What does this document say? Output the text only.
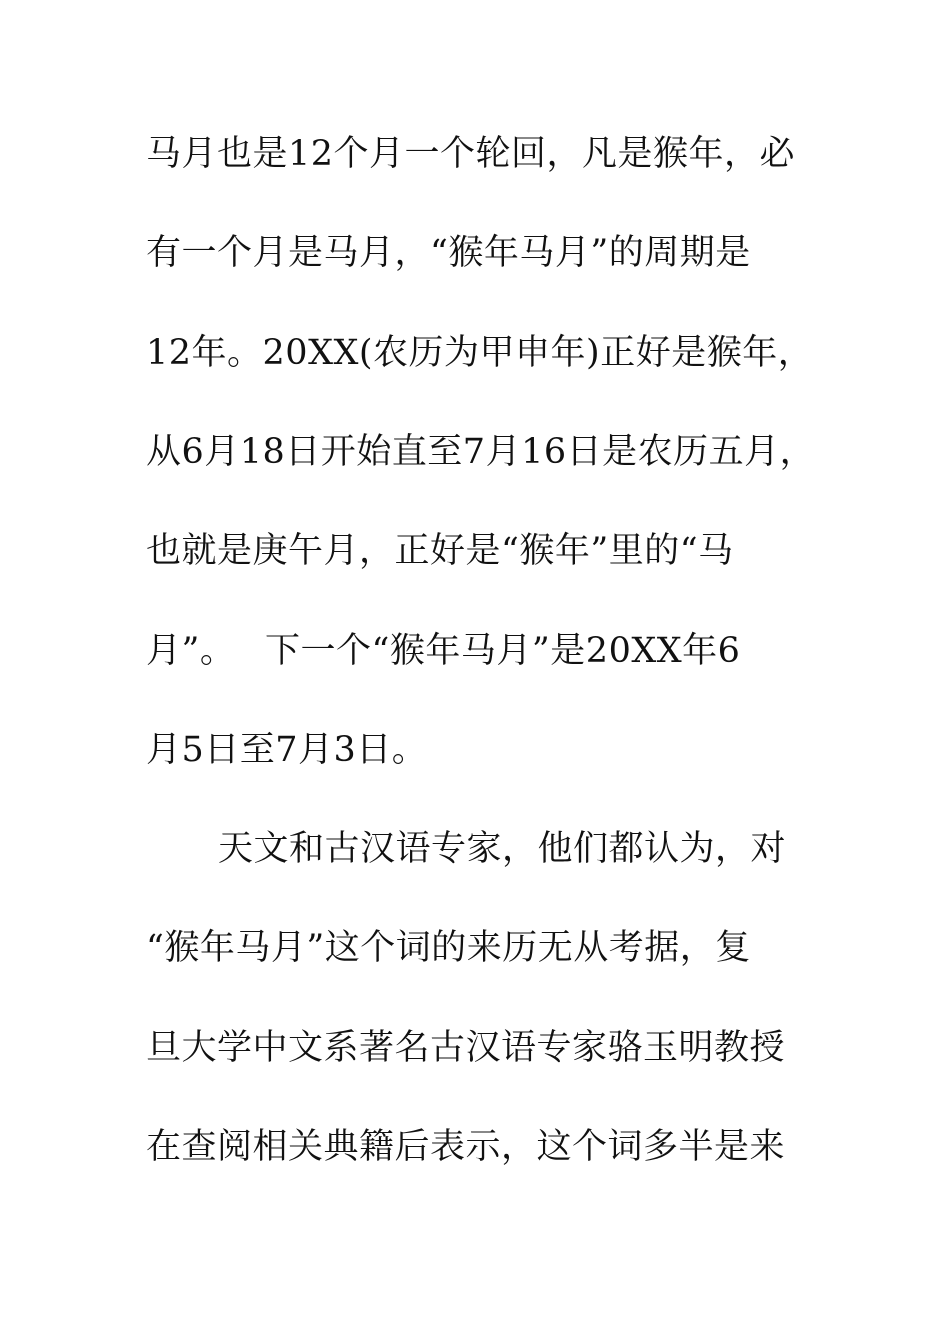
马月也是12个月一个轮回，凡是猴年，必
有一个月是马月，“猴年马月”的周期是
12年。20XX(农历为甲申年)正好是猴年，
从6月18日开始直至7月16日是农历五月，
也就是庚午月，正好是“猴年”里的“马
月”。　 下一个“猴年马月”是20XX年6
月5日至7月3日。
天文和古汉语专家，他们都认为，对
“猴年马月”这个词的来历无从考据，复
旦大学中文系著名古汉语专家骆玉明教授
在查阅相关典籍后表示，这个词多半是来
